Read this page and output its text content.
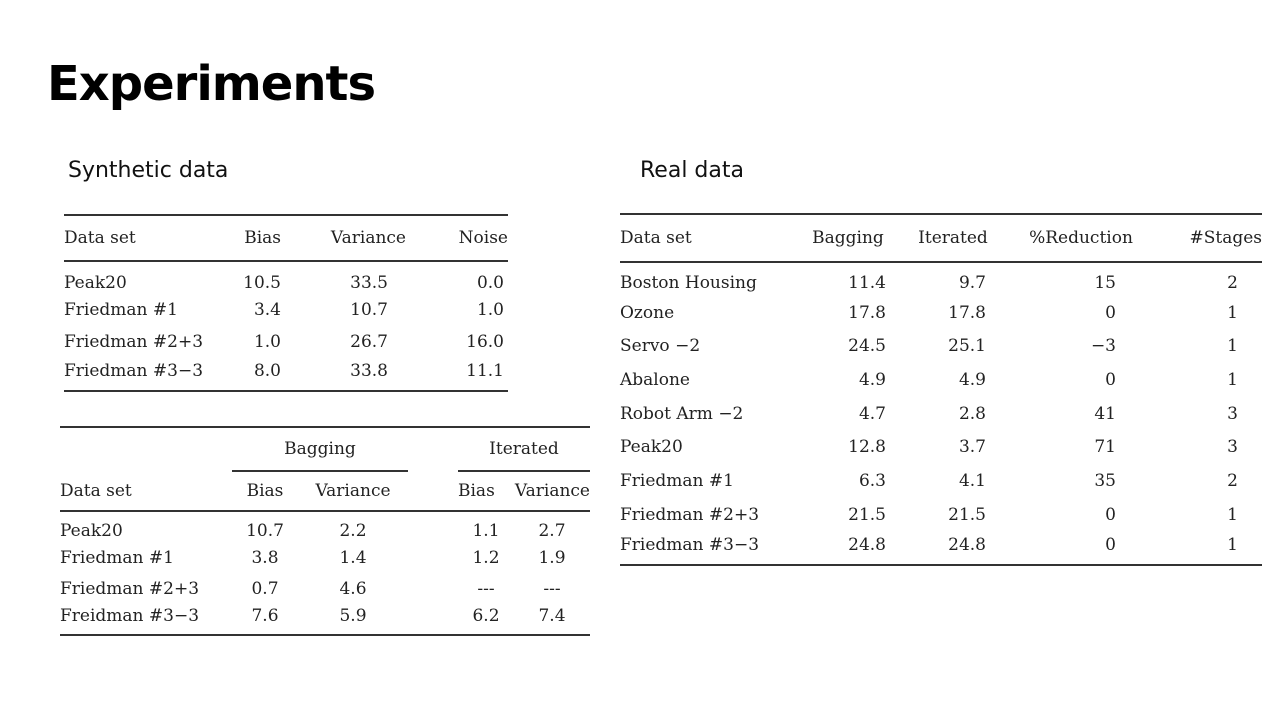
Experiments
Synthetic data	Real data
Data set	Bias	Variance	Noise
Peak20	10.5	33.5	0.0
Friedman #1	3.4	10.7	1.0
Friedman #2+3	1.0	26.7	16.0
Friedman #3−3	8.0	33.8	11.1
	Bagging			Iterated	
Data set	Bias	Variance		Bias	Variance
Peak20	10.7	2.2		1.1	2.7
Friedman #1	3.8	1.4		1.2	1.9
Friedman #2+3	0.7	4.6		---	---
Freidman #3−3	7.6	5.9		6.2	7.4
Data set	Bagging	Iterated	%Reduction	#Stages
Boston Housing	11.4	9.7	15	2
Ozone	17.8	17.8	0	1
Servo −2	24.5	25.1	−3	1
Abalone	4.9	4.9	0	1
Robot Arm −2	4.7	2.8	41	3
Peak20	12.8	3.7	71	3
Friedman #1	6.3	4.1	35	2
Friedman #2+3	21.5	21.5	0	1
Friedman #3−3	24.8	24.8	0	1
